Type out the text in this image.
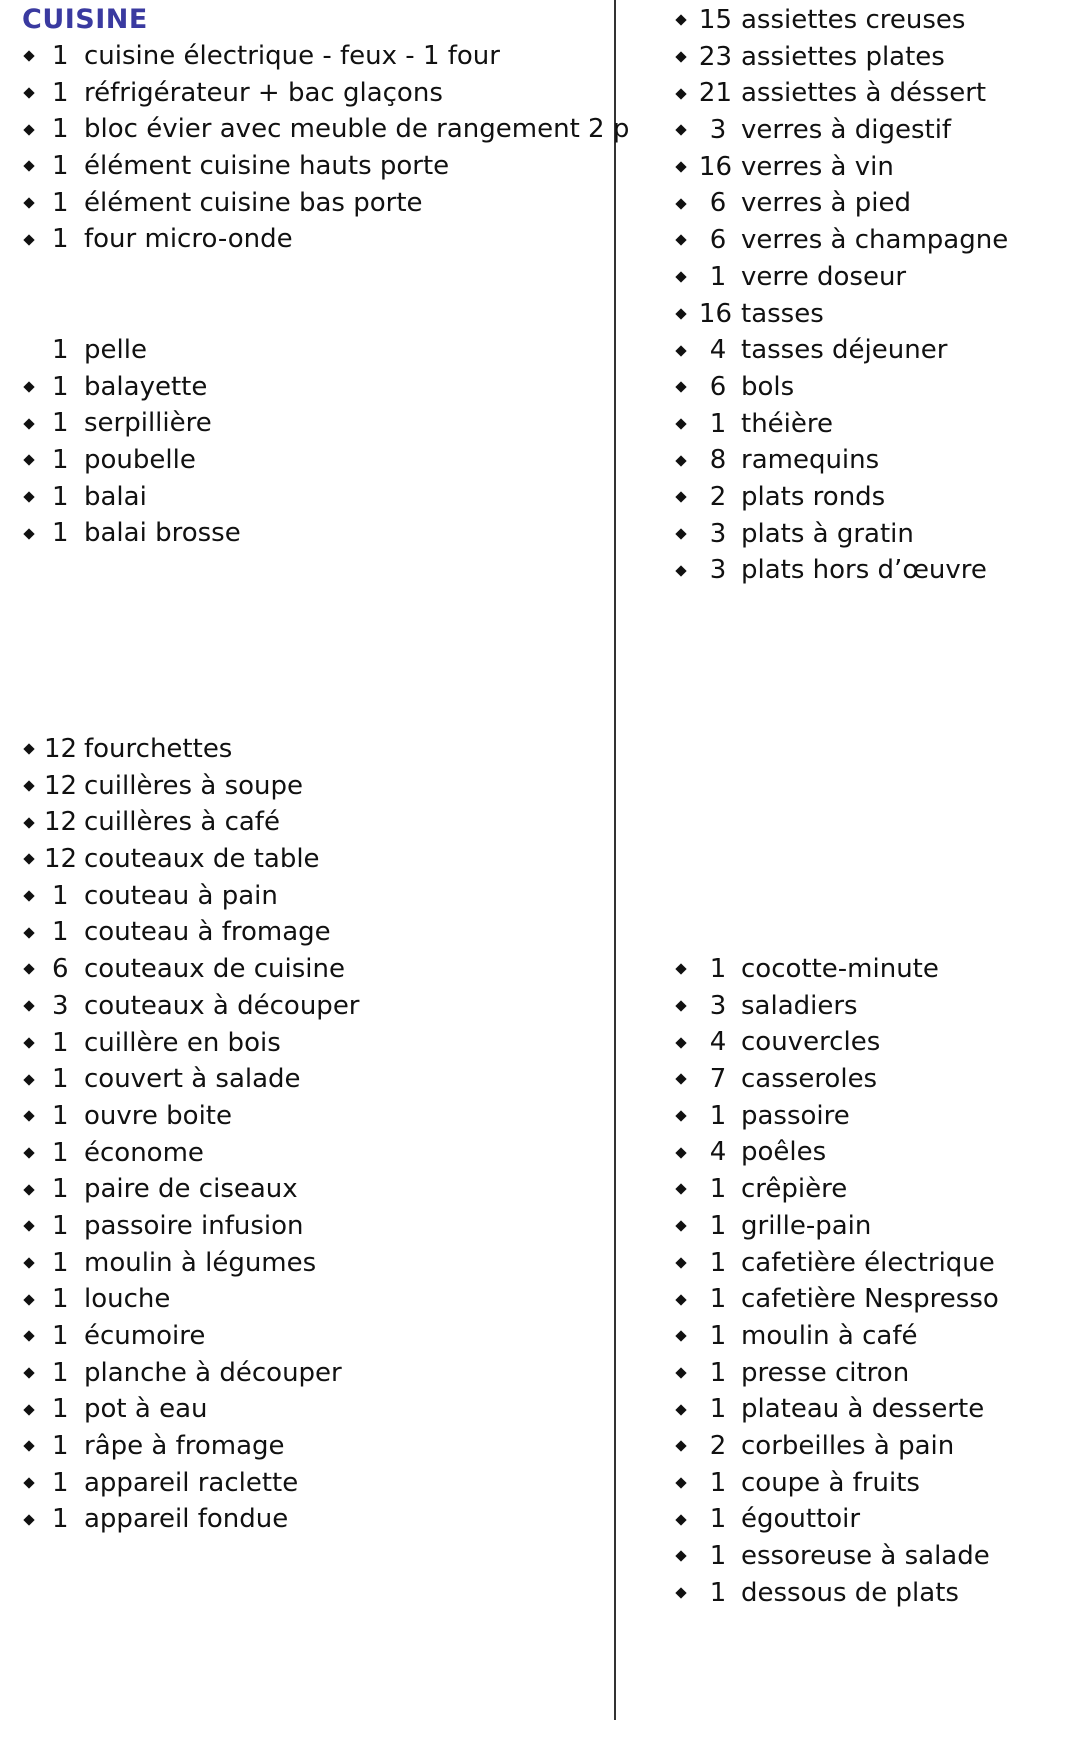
CUISINE
1 cuisine électrique - feux - 1 four
1 réfrigérateur + bac glaçons
1 bloc évier avec meuble de rangement 2 p
1 élément cuisine hauts porte
1 élément cuisine bas porte
1 four micro-onde
1 pelle
1 balayette
1 serpillière
1 poubelle
1 balai
1 balai brosse
15 assiettes creuses
23 assiettes plates
21 assiettes à déssert
3 verres à digestif
16 verres à vin
6 verres à pied
6 verres à champagne
1 verre doseur
16 tasses
4 tasses déjeuner
6 bols
1 théière
8 ramequins
2 plats ronds
3 plats à gratin
3 plats hors d’œuvre
12 fourchettes
12 cuillères à soupe
12 cuillères à café
12 couteaux de table
1 couteau à pain
1 couteau à fromage
6 couteaux de cuisine
3 couteaux à découper
1 cuillère en bois
1 couvert à salade
1 ouvre boite
1 économe
1 paire de ciseaux
1 passoire infusion
1 moulin à légumes
1 louche
1 écumoire
1 planche à découper
1 pot à eau
1 râpe à fromage
1 appareil raclette
1 appareil fondue
1 cocotte-minute
3 saladiers
4 couvercles
7 casseroles
1 passoire
4 poêles
1 crêpière
1 grille-pain
1 cafetière électrique
1 cafetière Nespresso
1 moulin à café
1 presse citron
1 plateau à desserte
2 corbeilles à pain
1 coupe à fruits
1 égouttoir
1 essoreuse à salade
1 dessous de plats
